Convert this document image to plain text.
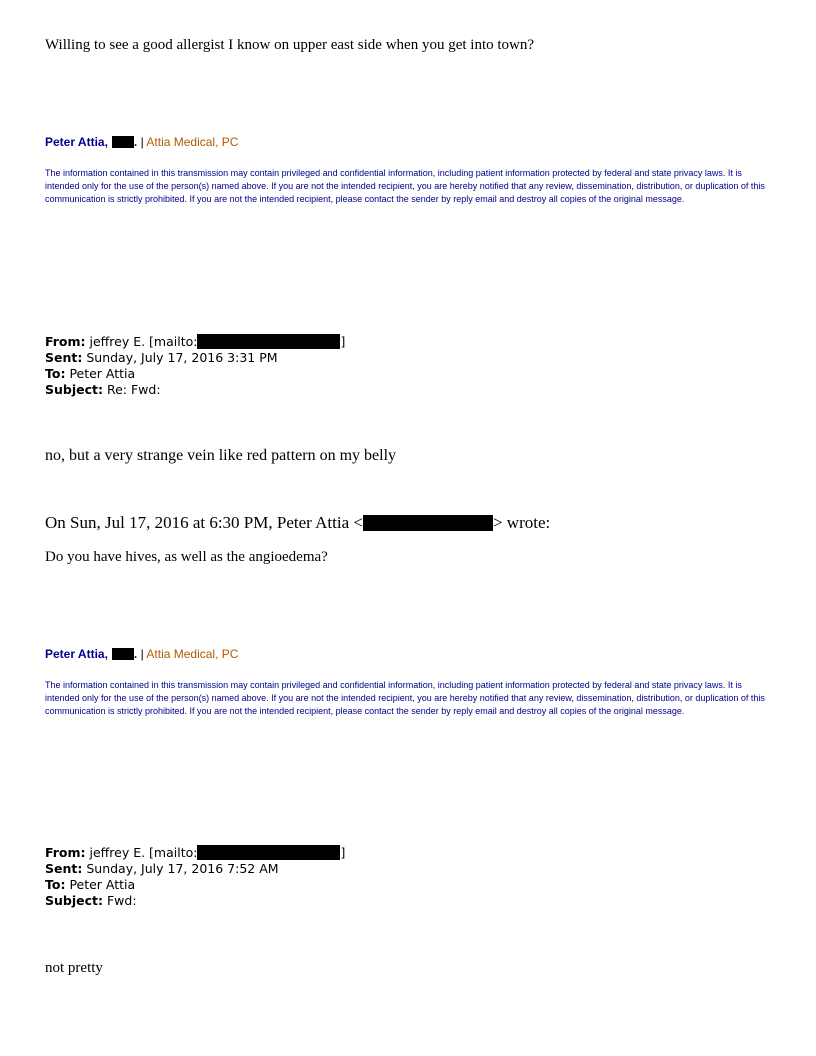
Willing to see a good allergist I know on upper east side when you get into town?
Peter Attia, . | Attia Medical, PC
The information contained in this transmission may contain privileged and confidential information, including patient information protected by federal and state privacy laws. It is intended only for the use of the person(s) named above. If you are not the intended recipient, you are hereby notified that any review, dissemination, distribution, or duplication of this communication is strictly prohibited. If you are not the intended recipient, please contact the sender by reply email and destroy all copies of the original message.
From: jeffrey E. [mailto:	]
Sent: Sunday, July 17, 2016 3:31 PM
To: Peter Attia
Subject: Re: Fwd:
no, but a very strange vein like red pattern on my belly
On Sun, Jul 17, 2016 at 6:30 PM, Peter Attia <	> wrote:
Do you have hives, as well as the angioedema?
Peter Attia, . | Attia Medical, PC
The information contained in this transmission may contain privileged and confidential information, including patient information protected by federal and state privacy laws. It is intended only for the use of the person(s) named above. If you are not the intended recipient, you are hereby notified that any review, dissemination, distribution, or duplication of this communication is strictly prohibited. If you are not the intended recipient, please contact the sender by reply email and destroy all copies of the original message.
From: jeffrey E. [mailto:	]
Sent: Sunday, July 17, 2016 7:52 AM
To: Peter Attia
Subject: Fwd:
not pretty
